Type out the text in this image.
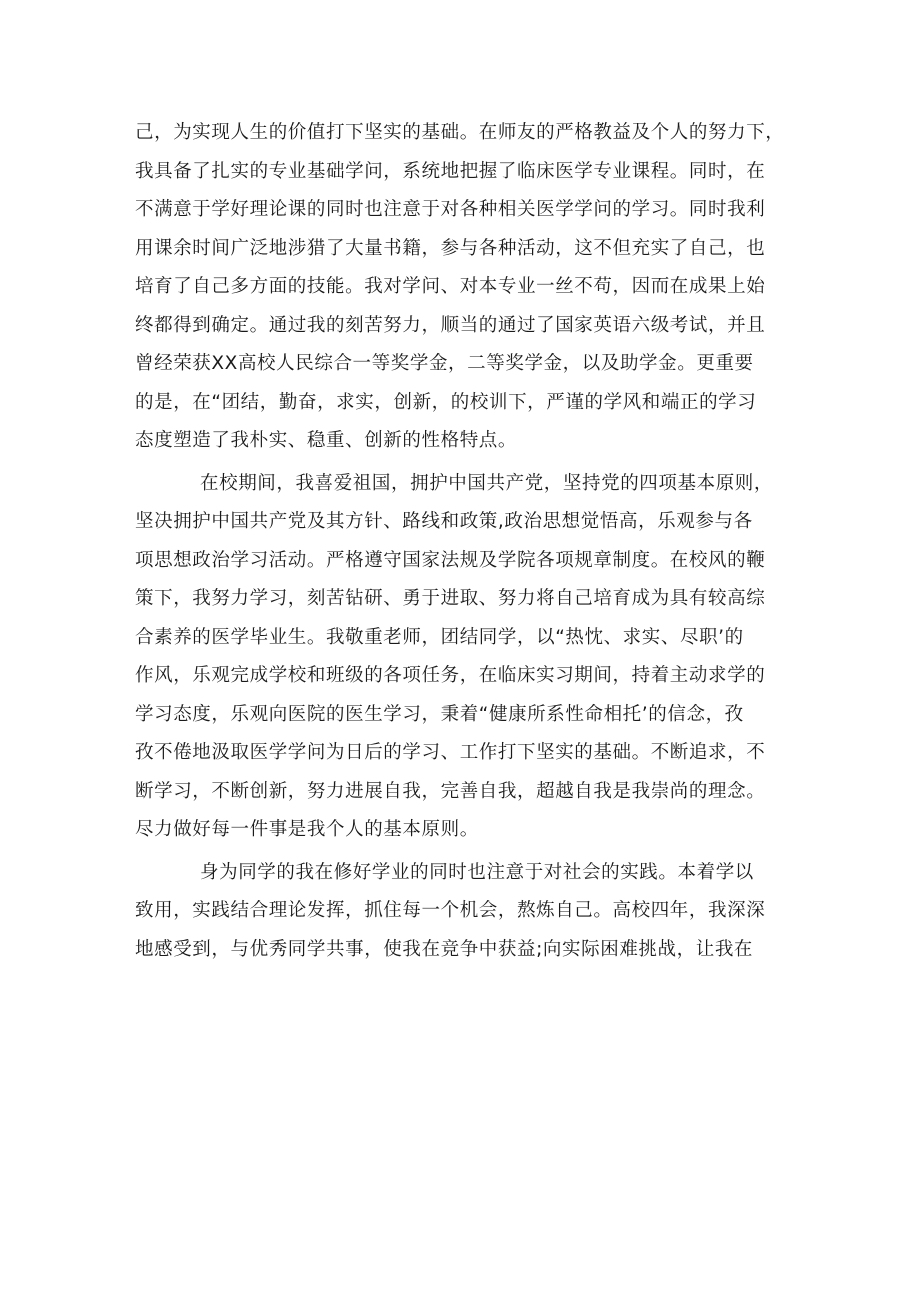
己，为实现人生的价值打下坚实的基础。在师友的严格教益及个人的努力下，
我具备了扎实的专业基础学问，系统地把握了临床医学专业课程。同时，在
不满意于学好理论课的同时也注意于对各种相关医学学问的学习。同时我利
用课余时间广泛地涉猎了大量书籍，参与各种活动，这不但充实了自己，也
培育了自己多方面的技能。我对学问、对本专业一丝不苟，因而在成果上始
终都得到确定。通过我的刻苦努力，顺当的通过了国家英语六级考试，并且
曾经荣获XX高校人民综合一等奖学金，二等奖学金，以及助学金。更重要
的是，在“团结，勤奋，求实，创新，的校训下，严谨的学风和端正的学习
态度塑造了我朴实、稳重、创新的性格特点。
在校期间，我喜爱祖国，拥护中国共产党，坚持党的四项基本原则，
坚决拥护中国共产党及其方针、路线和政策,政治思想觉悟高，乐观参与各
项思想政治学习活动。严格遵守国家法规及学院各项规章制度。在校风的鞭
策下，我努力学习，刻苦钻研、勇于进取、努力将自己培育成为具有较高综
合素养的医学毕业生。我敬重老师，团结同学，以“热忱、求实、尽职’的
作风，乐观完成学校和班级的各项任务，在临床实习期间，持着主动求学的
学习态度，乐观向医院的医生学习，秉着“健康所系性命相托’的信念，孜
孜不倦地汲取医学学问为日后的学习、工作打下坚实的基础。不断追求，不
断学习，不断创新，努力进展自我，完善自我，超越自我是我崇尚的理念。
尽力做好每一件事是我个人的基本原则。
身为同学的我在修好学业的同时也注意于对社会的实践。本着学以
致用，实践结合理论发挥，抓住每一个机会，熬炼自己。高校四年，我深深
地感受到，与优秀同学共事，使我在竞争中获益;向实际困难挑战，让我在
